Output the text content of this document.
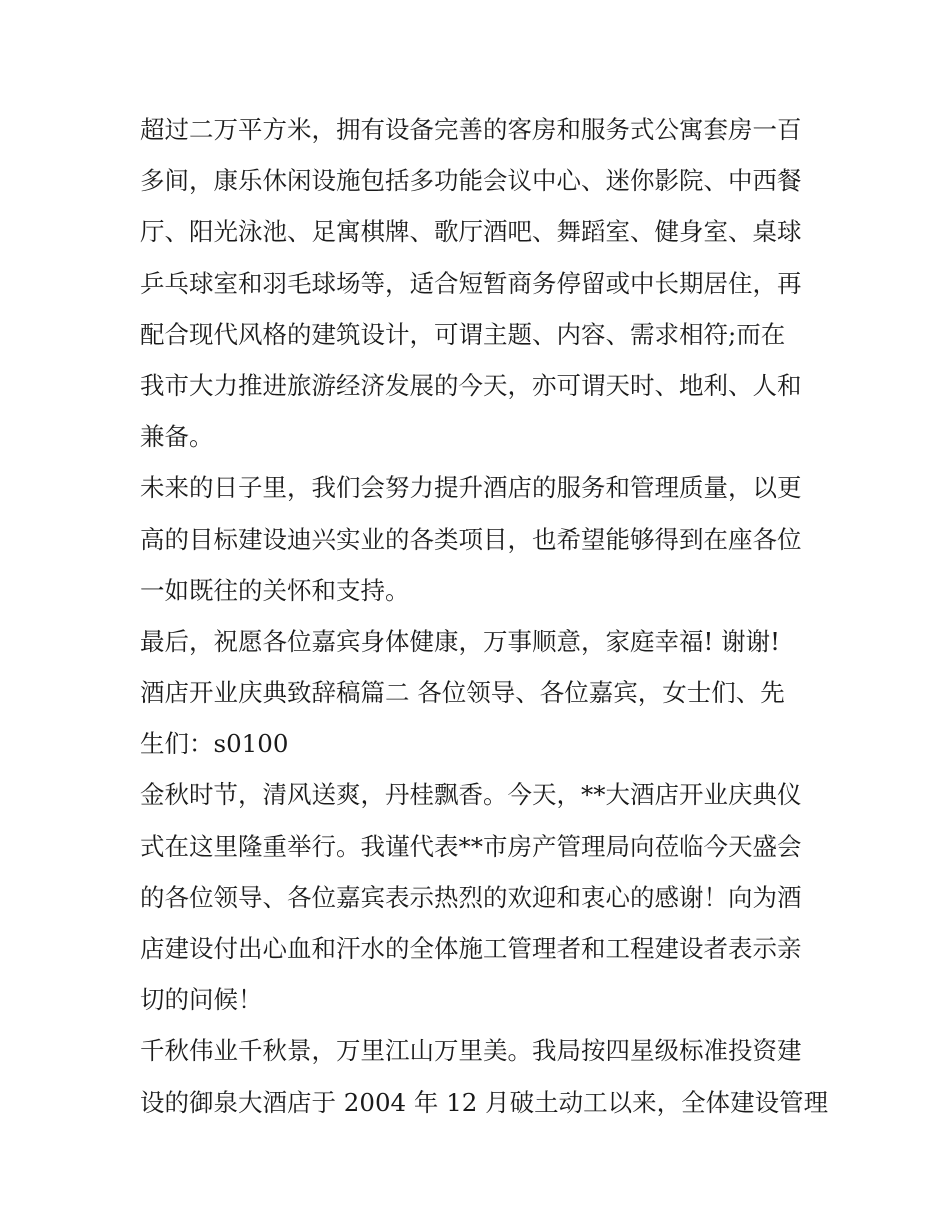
超过二万平方米，拥有设备完善的客房和服务式公寓套房一百
多间，康乐休闲设施包括多功能会议中心、迷你影院、中西餐
厅、阳光泳池、足寓棋牌、歌厅酒吧、舞蹈室、健身室、桌球
乒乓球室和羽毛球场等，适合短暂商务停留或中长期居住，再
配合现代风格的建筑设计，可谓主题、内容、需求相符;而在
我市大力推进旅游经济发展的今天，亦可谓天时、地利、人和
兼备。
未来的日子里，我们会努力提升酒店的服务和管理质量，以更
高的目标建设迪兴实业的各类项目，也希望能够得到在座各位
一如既往的关怀和支持。
最后，祝愿各位嘉宾身体健康，万事顺意，家庭幸福! 谢谢!
酒店开业庆典致辞稿篇二 各位领导、各位嘉宾，女士们、先
生们：s0100
金秋时节，清风送爽，丹桂飘香。今天，**大酒店开业庆典仪
式在这里隆重举行。我谨代表**市房产管理局向莅临今天盛会
的各位领导、各位嘉宾表示热烈的欢迎和衷心的感谢！向为酒
店建设付出心血和汗水的全体施工管理者和工程建设者表示亲
切的问候！
千秋伟业千秋景，万里江山万里美。我局按四星级标准投资建
设的御泉大酒店于 2004 年 12 月破土动工以来，全体建设管理
